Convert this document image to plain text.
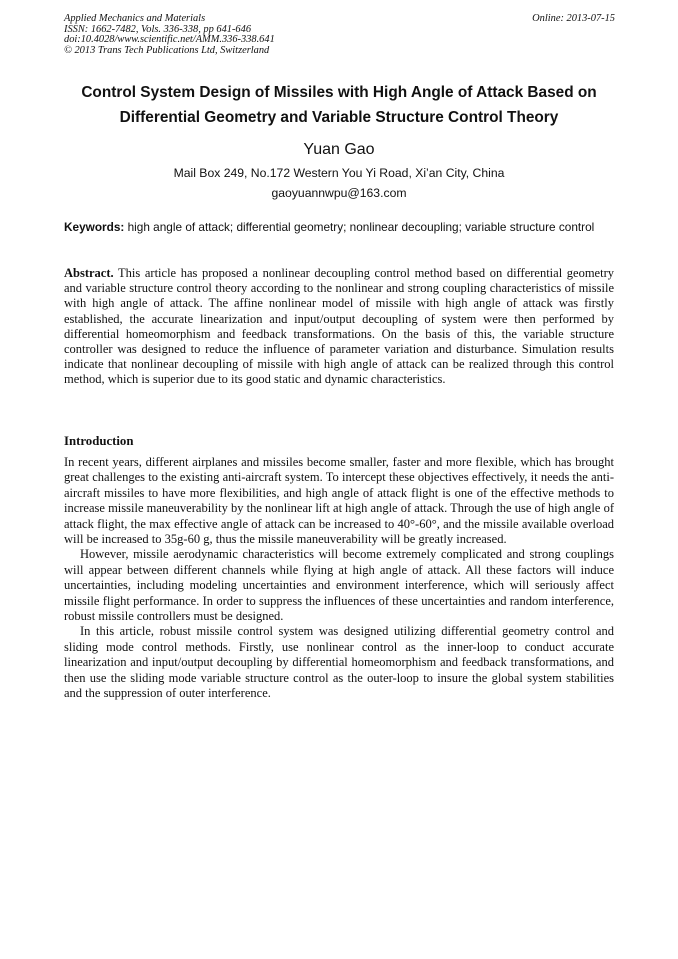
Applied Mechanics and Materials
ISSN: 1662-7482, Vols. 336-338, pp 641-646
doi:10.4028/www.scientific.net/AMM.336-338.641
© 2013 Trans Tech Publications Ltd, Switzerland
Online: 2013-07-15
Control System Design of Missiles with High Angle of Attack Based on
Differential Geometry and Variable Structure Control Theory
Yuan Gao
Mail Box 249, No.172 Western You Yi Road, Xi’an City, China
gaoyuannwpu@163.com
Keywords: high angle of attack; differential geometry; nonlinear decoupling; variable structure control
Abstract. This article has proposed a nonlinear decoupling control method based on differential geometry and variable structure control theory according to the nonlinear and strong coupling characteristics of missile with high angle of attack. The affine nonlinear model of missile with high angle of attack was firstly established, the accurate linearization and input/output decoupling of system were then performed by differential homeomorphism and feedback transformations. On the basis of this, the variable structure controller was designed to reduce the influence of parameter variation and disturbance. Simulation results indicate that nonlinear decoupling of missile with high angle of attack can be realized through this control method, which is superior due to its good static and dynamic characteristics.
Introduction

In recent years, different airplanes and missiles become smaller, faster and more flexible, which has brought great challenges to the existing anti-aircraft system. To intercept these objectives effectively, it needs the anti-aircraft missiles to have more flexibilities, and high angle of attack flight is one of the effective methods to increase missile maneuverability by the nonlinear lift at high angle of attack. Through the use of high angle of attack flight, the max effective angle of attack can be increased to 40°-60°, and the missile available overload will be increased to 35g-60 g, thus the missile maneuverability will be greatly increased.

However, missile aerodynamic characteristics will become extremely complicated and strong couplings will appear between different channels while flying at high angle of attack. All these factors will induce uncertainties, including modeling uncertainties and environment interference, which will seriously affect missile flight performance. In order to suppress the influences of these uncertainties and random interference, robust missile controllers must be designed.

In this article, robust missile control system was designed utilizing differential geometry control and sliding mode control methods. Firstly, use nonlinear control as the inner-loop to conduct accurate linearization and input/output decoupling by differential homeomorphism and feedback transformations, and then use the sliding mode variable structure control as the outer-loop to insure the global system stabilities and the suppression of outer interference.
